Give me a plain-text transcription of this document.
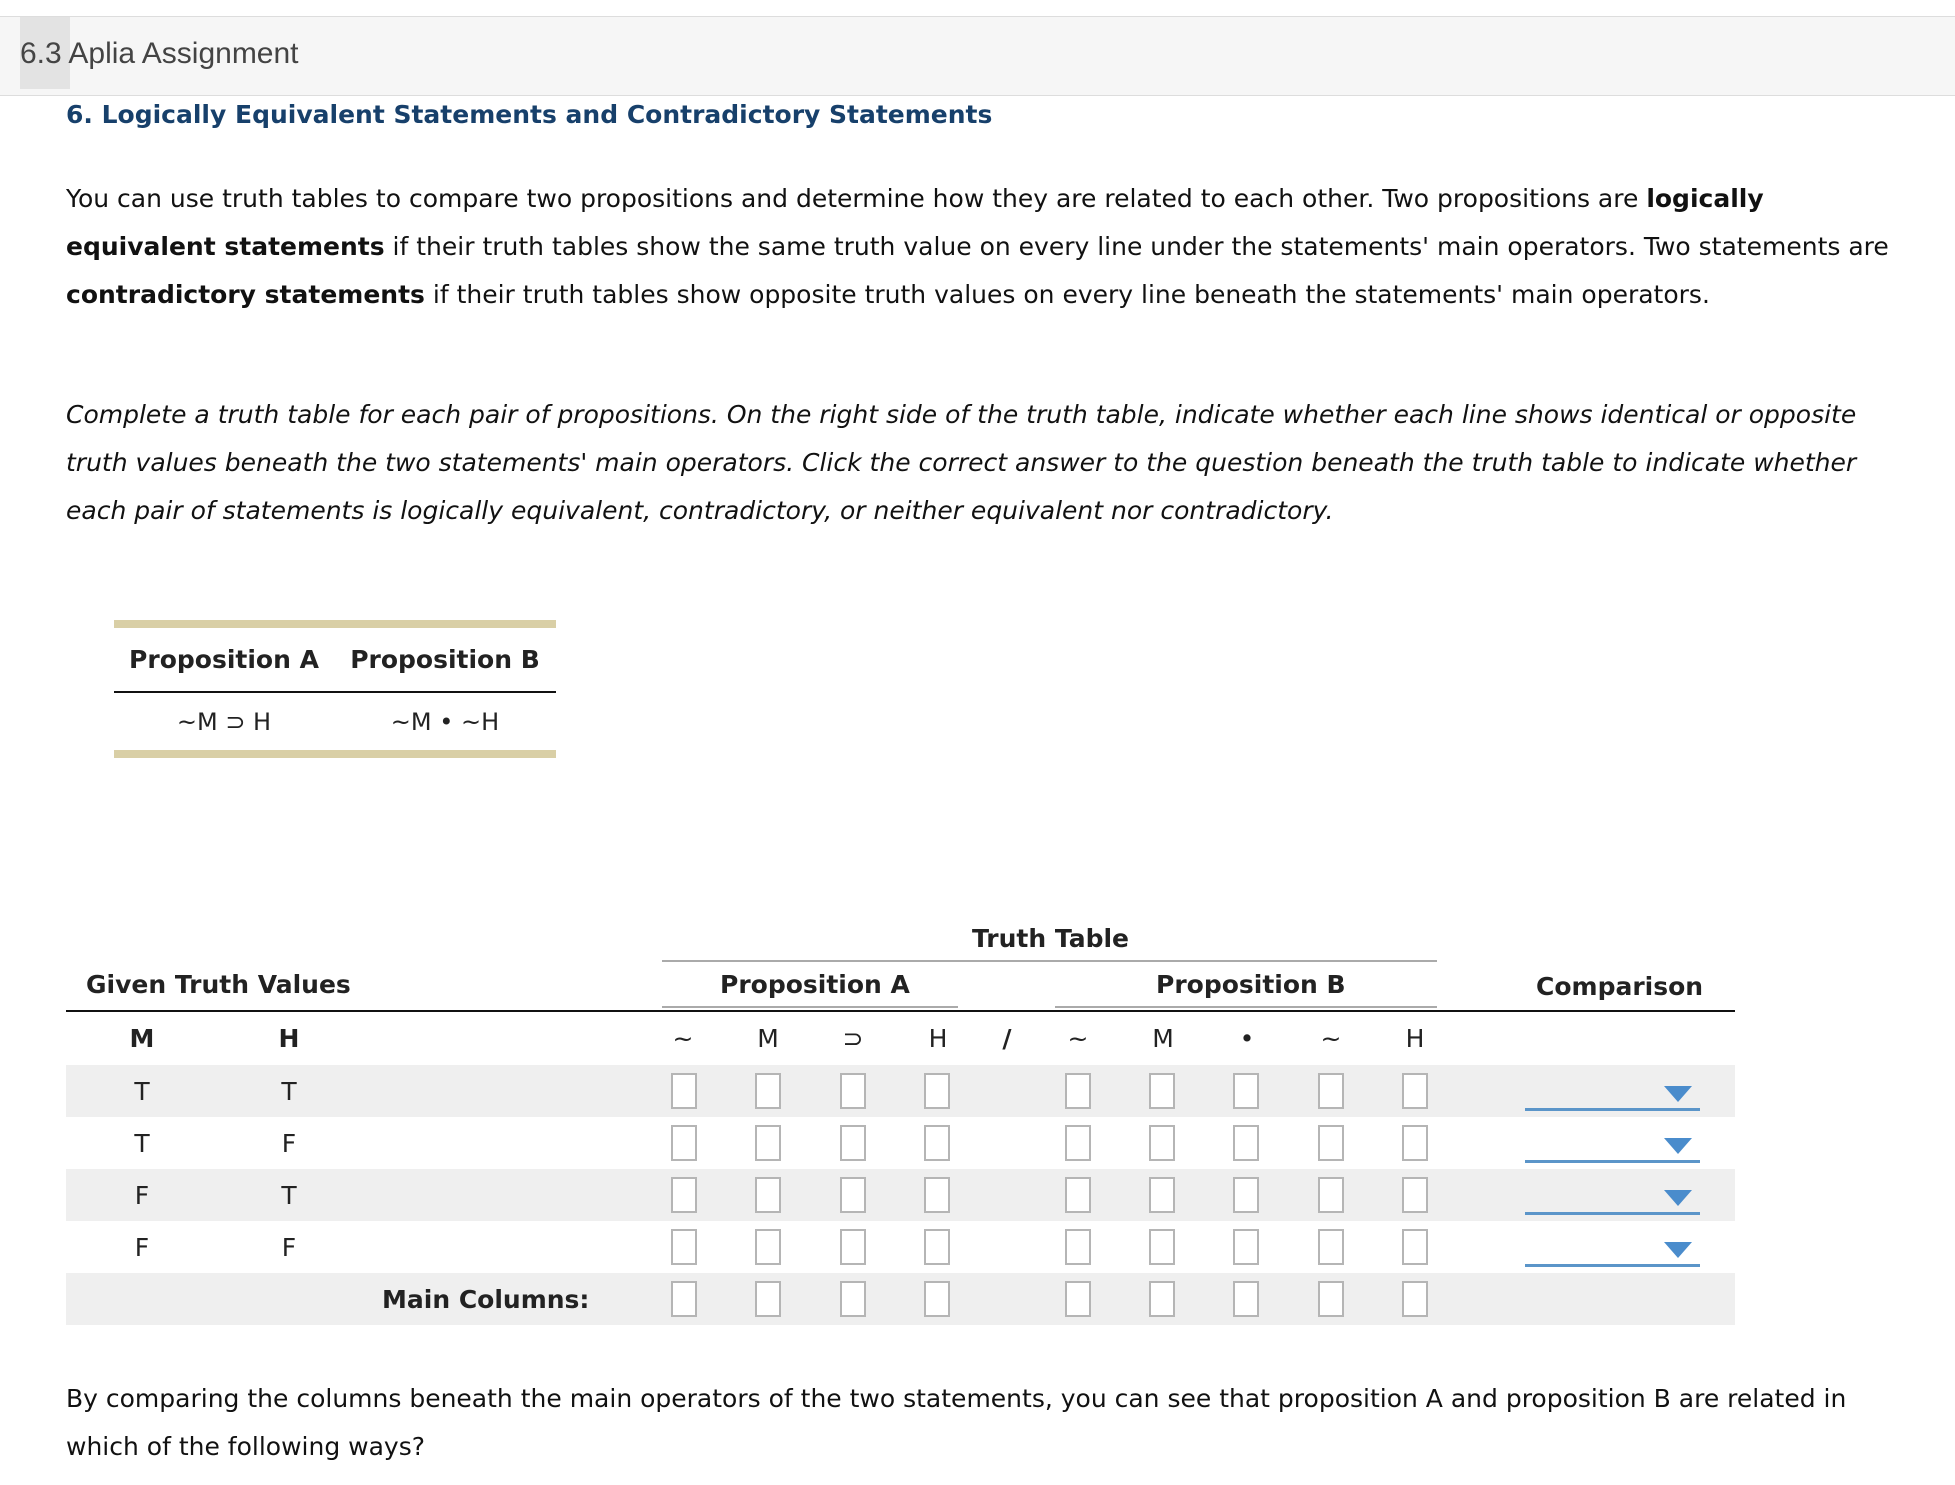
6.3 Aplia Assignment
6. Logically Equivalent Statements and Contradictory Statements
You can use truth tables to compare two propositions and determine how they are related to each other. Two propositions are logically equivalent statements if their truth tables show the same truth value on every line under the statements' main operators. Two statements are contradictory statements if their truth tables show opposite truth values on every line beneath the statements' main operators.
Complete a truth table for each pair of propositions. On the right side of the truth table, indicate whether each line shows identical or opposite truth values beneath the two statements' main operators. Click the correct answer to the question beneath the truth table to indicate whether each pair of statements is logically equivalent, contradictory, or neither equivalent nor contradictory.
Proposition A	Proposition B
~M ⊃ H	~M • ~H
Truth Table
Given Truth Values	Proposition A	Proposition B	Comparison
M	H	~	M	⊃	H	/	~	M	•	~	H
T	T
T	F
F	T
F	F
Main Columns:
By comparing the columns beneath the main operators of the two statements, you can see that proposition A and proposition B are related in which of the following ways?
